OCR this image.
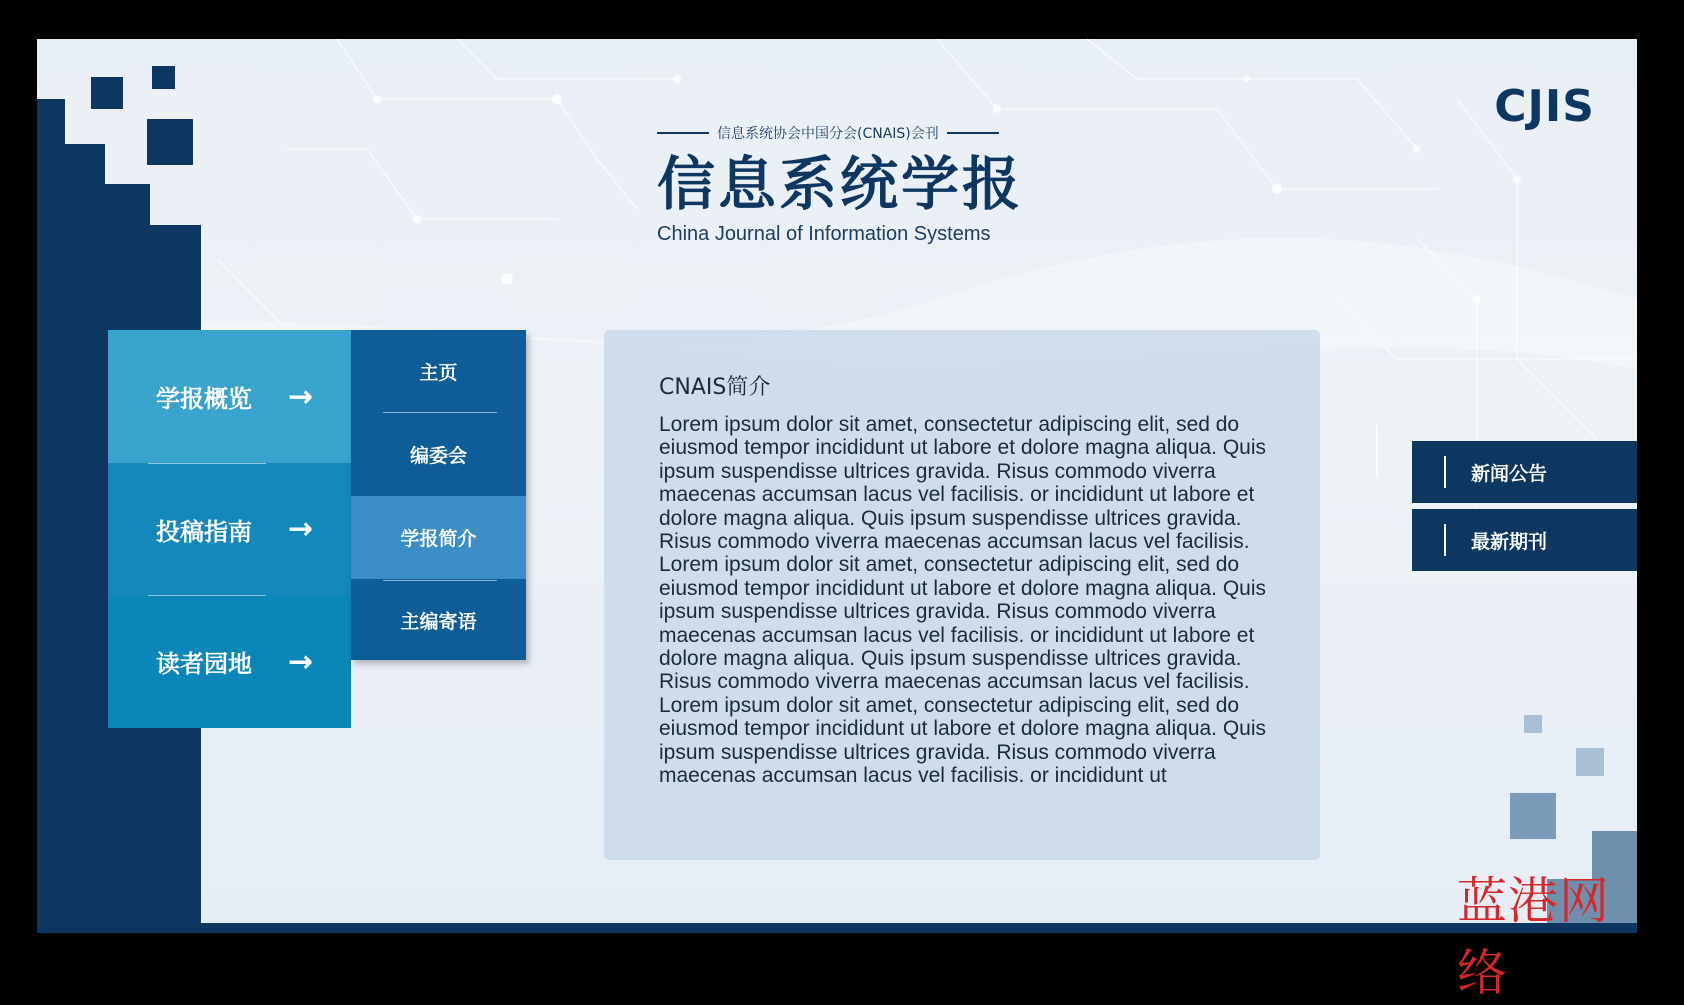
CJIS
信息系统协会中国分会(CNAIS)会刊
信息系统学报
China Journal of Information Systems
学报概览 →
投稿指南 →
读者园地 →
主页
编委会
学报简介
主编寄语
CNAIS简介

Lorem ipsum dolor sit amet, consectetur adipiscing elit, sed do eiusmod tempor incididunt ut labore et dolore magna aliqua. Quis ipsum suspendisse ultrices gravida. Risus commodo viverra maecenas accumsan lacus vel facilisis. or incididunt ut labore et dolore magna aliqua. Quis ipsum suspendisse ultrices gravida. Risus commodo viverra maecenas accumsan lacus vel facilisis. Lorem ipsum dolor sit amet, consectetur adipiscing elit, sed do eiusmod tempor incididunt ut labore et dolore magna aliqua. Quis ipsum suspendisse ultrices gravida. Risus commodo viverra maecenas accumsan lacus vel facilisis. or incididunt ut labore et dolore magna aliqua. Quis ipsum suspendisse ultrices gravida. Risus commodo viverra maecenas accumsan lacus vel facilisis. Lorem ipsum dolor sit amet, consectetur adipiscing elit, sed do eiusmod tempor incididunt ut labore et dolore magna aliqua. Quis ipsum suspendisse ultrices gravida. Risus commodo viverra maecenas accumsan lacus vel facilisis. or incididunt ut

新闻公告
最新期刊
蓝港网络
